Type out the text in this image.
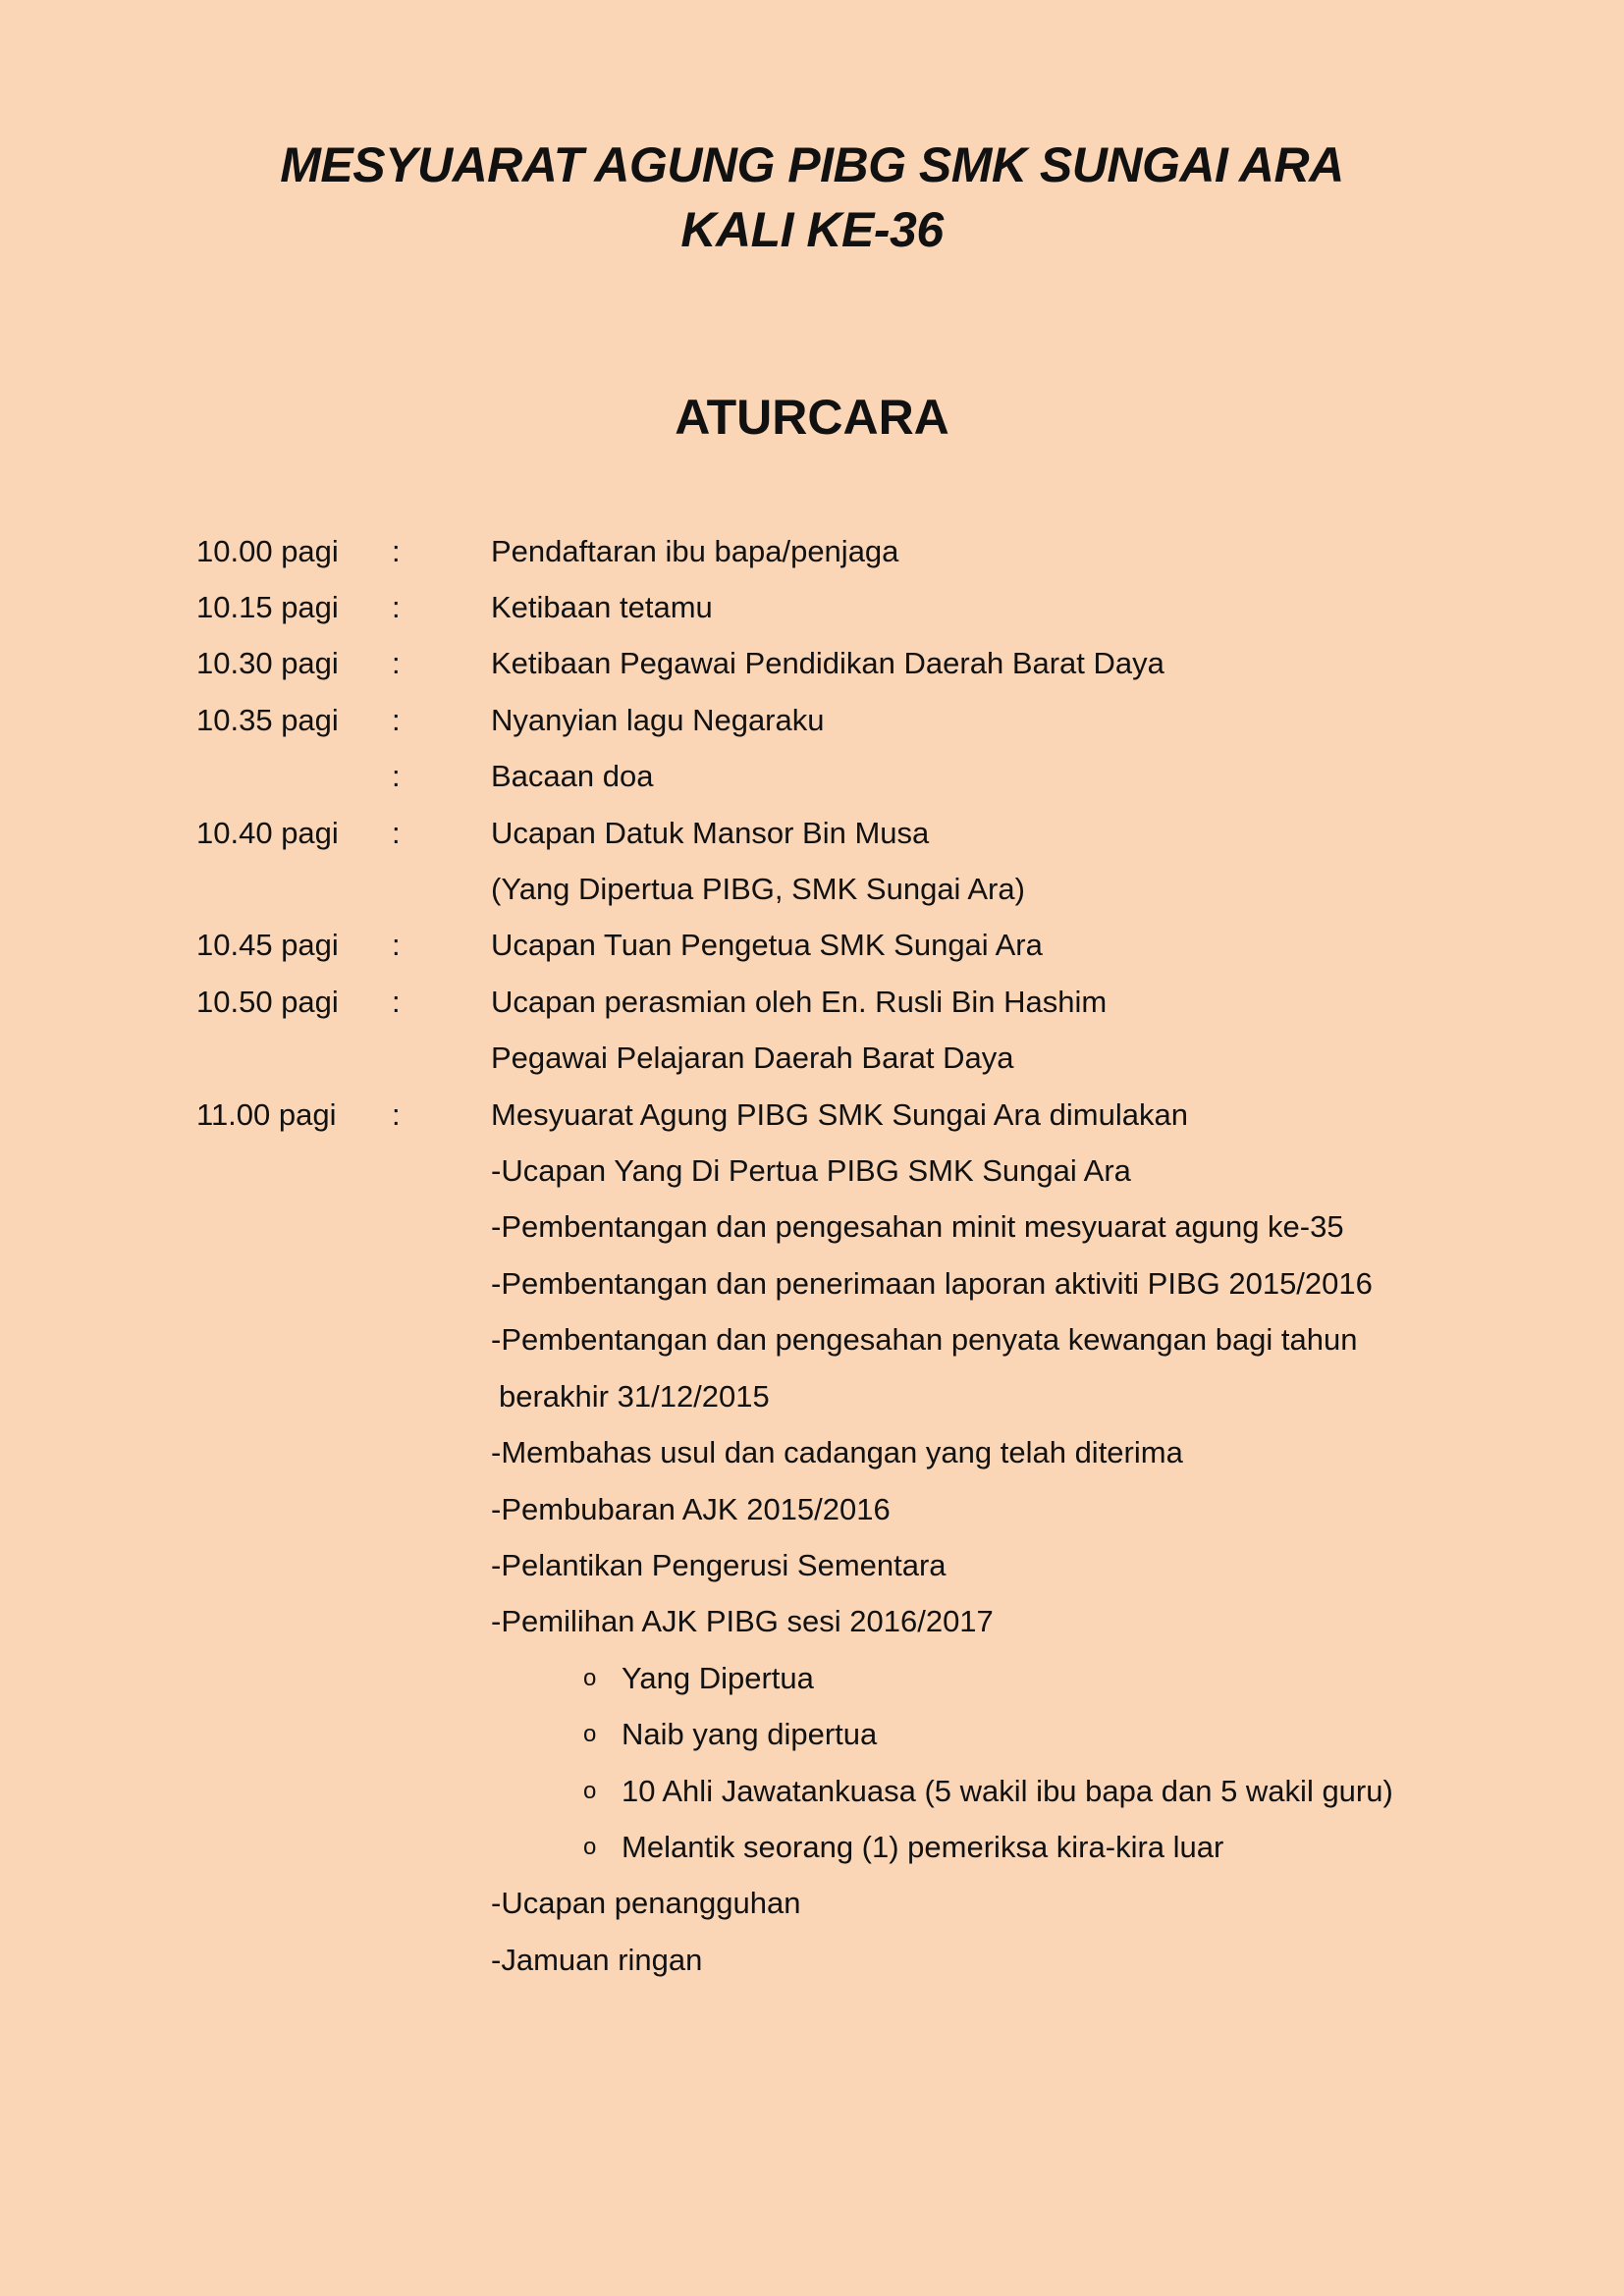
MESYUARAT AGUNG PIBG SMK SUNGAI ARA
KALI KE-36
ATURCARA
10.00 pagi :	Pendaftaran ibu bapa/penjaga
10.15 pagi :	Ketibaan tetamu
10.30 pagi :	Ketibaan Pegawai Pendidikan Daerah Barat Daya
10.35 pagi :	Nyanyian lagu Negaraku
:	Bacaan doa
10.40 pagi :	Ucapan Datuk Mansor Bin Musa
(Yang Dipertua PIBG, SMK Sungai Ara)
10.45 pagi :	Ucapan Tuan Pengetua SMK Sungai Ara
10.50 pagi :	Ucapan perasmian oleh En. Rusli Bin Hashim
Pegawai Pelajaran Daerah Barat Daya
11.00 pagi :	Mesyuarat Agung PIBG SMK Sungai Ara dimulakan
-Ucapan Yang Di Pertua PIBG SMK Sungai Ara
-Pembentangan dan pengesahan minit mesyuarat agung ke-35
-Pembentangan dan penerimaan laporan aktiviti PIBG 2015/2016
-Pembentangan dan pengesahan penyata kewangan bagi tahun
berakhir 31/12/2015
-Membahas usul dan cadangan yang telah diterima
-Pembubaran AJK 2015/2016
-Pelantikan Pengerusi Sementara
-Pemilihan AJK PIBG sesi 2016/2017
o Yang Dipertua
o Naib yang dipertua
o 10 Ahli Jawatankuasa (5 wakil ibu bapa dan 5 wakil guru)
o Melantik seorang (1) pemeriksa kira-kira luar
-Ucapan penangguhan
-Jamuan ringan
